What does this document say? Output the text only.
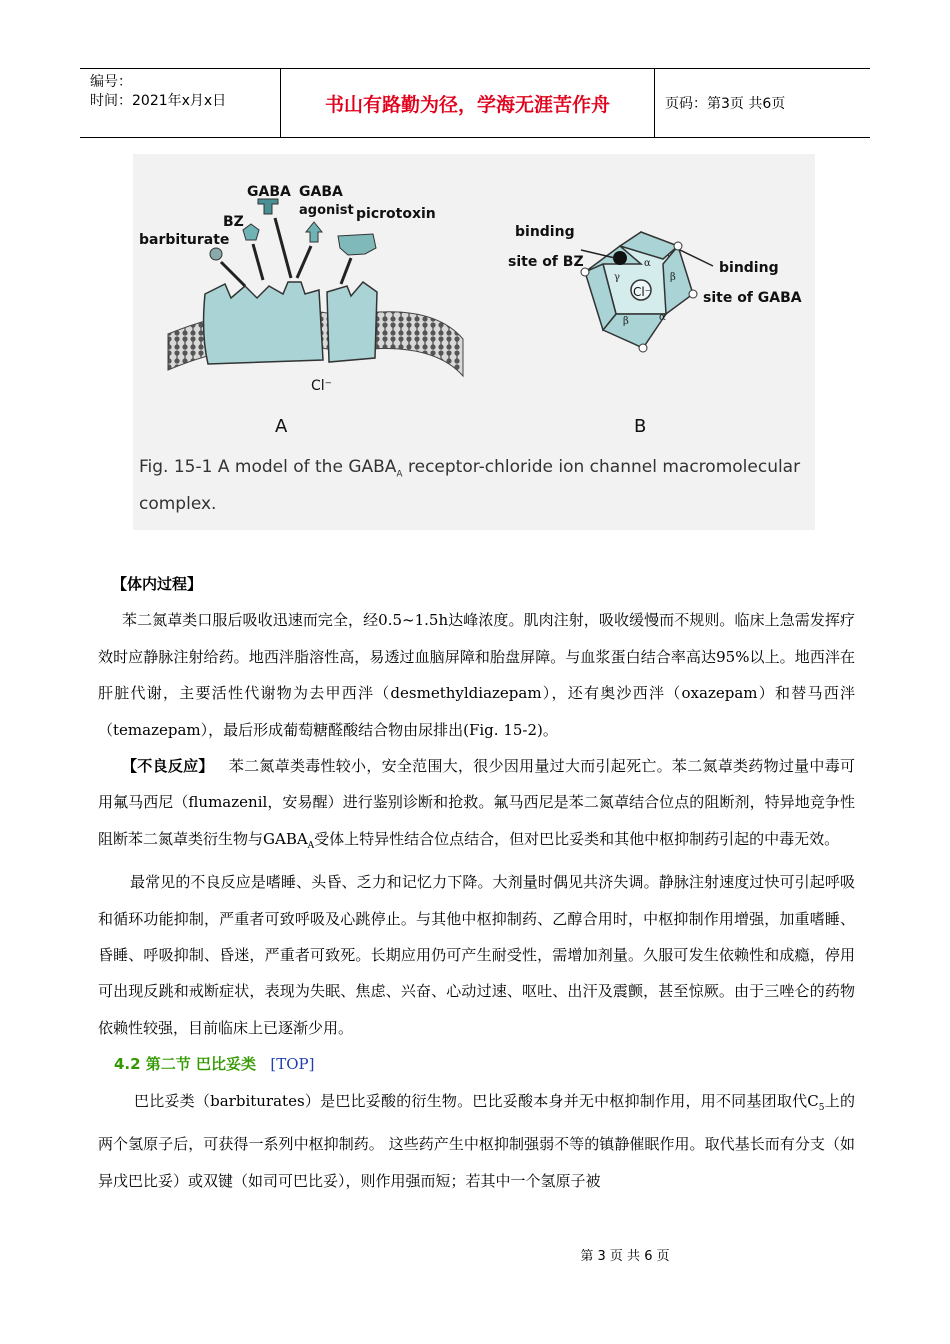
编号：
时间：2021年x月x日	书山有路勤为径，学海无涯苦作舟	页码：第3页 共6页
GABA GABA
agonist picrotoxin
BZ
barbiturate
Cl⁻
A
α
β
γ
β	α
Cl⁻
binding
site of BZ	binding
site of GABA
B
Fig. 15-1 A model of the $GABA_A$ receptor-chloride ion channel macromolecular
complex.

【体内过程】

苯二氮䓬类口服后吸收迅速而完全，经0.5~1.5h达峰浓度。肌肉注射，吸收缓慢而不规则。临床上急需发挥疗效时应静脉注射给药。地西泮脂溶性高，易透过血脑屏障和胎盘屏障。与血浆蛋白结合率高达95%以上。地西泮在肝脏代谢，主要活性代谢物为去甲西泮（desmethyldiazepam），还有奥沙西泮（oxazepam）和替马西泮（temazepam），最后形成葡萄糖醛酸结合物由尿排出(Fig. 15-2)。

【不良反应】 苯二氮䓬类毒性较小，安全范围大，很少因用量过大而引起死亡。苯二氮䓬类药物过量中毒可用氟马西尼（flumazenil，安易醒）进行鉴别诊断和抢救。氟马西尼是苯二氮䓬结合位点的阻断剂，特异地竞争性阻断苯二氮䓬类衍生物与$GABA_A$受体上特异性结合位点结合，但对巴比妥类和其他中枢抑制药引起的中毒无效。

最常见的不良反应是嗜睡、头昏、乏力和记忆力下降。大剂量时偶见共济失调。静脉注射速度过快可引起呼吸和循环功能抑制，严重者可致呼吸及心跳停止。与其他中枢抑制药、乙醇合用时，中枢抑制作用增强，加重嗜睡、昏睡、呼吸抑制、昏迷，严重者可致死。长期应用仍可产生耐受性，需增加剂量。久服可发生依赖性和成瘾，停用可出现反跳和戒断症状，表现为失眠、焦虑、兴奋、心动过速、呕吐、出汗及震颤，甚至惊厥。由于三唑仑的药物依赖性较强，目前临床上已逐渐少用。

4.2 第二节 巴比妥类 [TOP]

巴比妥类（barbiturates）是巴比妥酸的衍生物。巴比妥酸本身并无中枢抑制作用，用不同基团取代$C_5$上的两个氢原子后，可获得一系列中枢抑制药。 这些药产生中枢抑制强弱不等的镇静催眠作用。取代基长而有分支（如异戊巴比妥）或双键（如司可巴比妥），则作用强而短；若其中一个氢原子被

第 3 页 共 6 页
